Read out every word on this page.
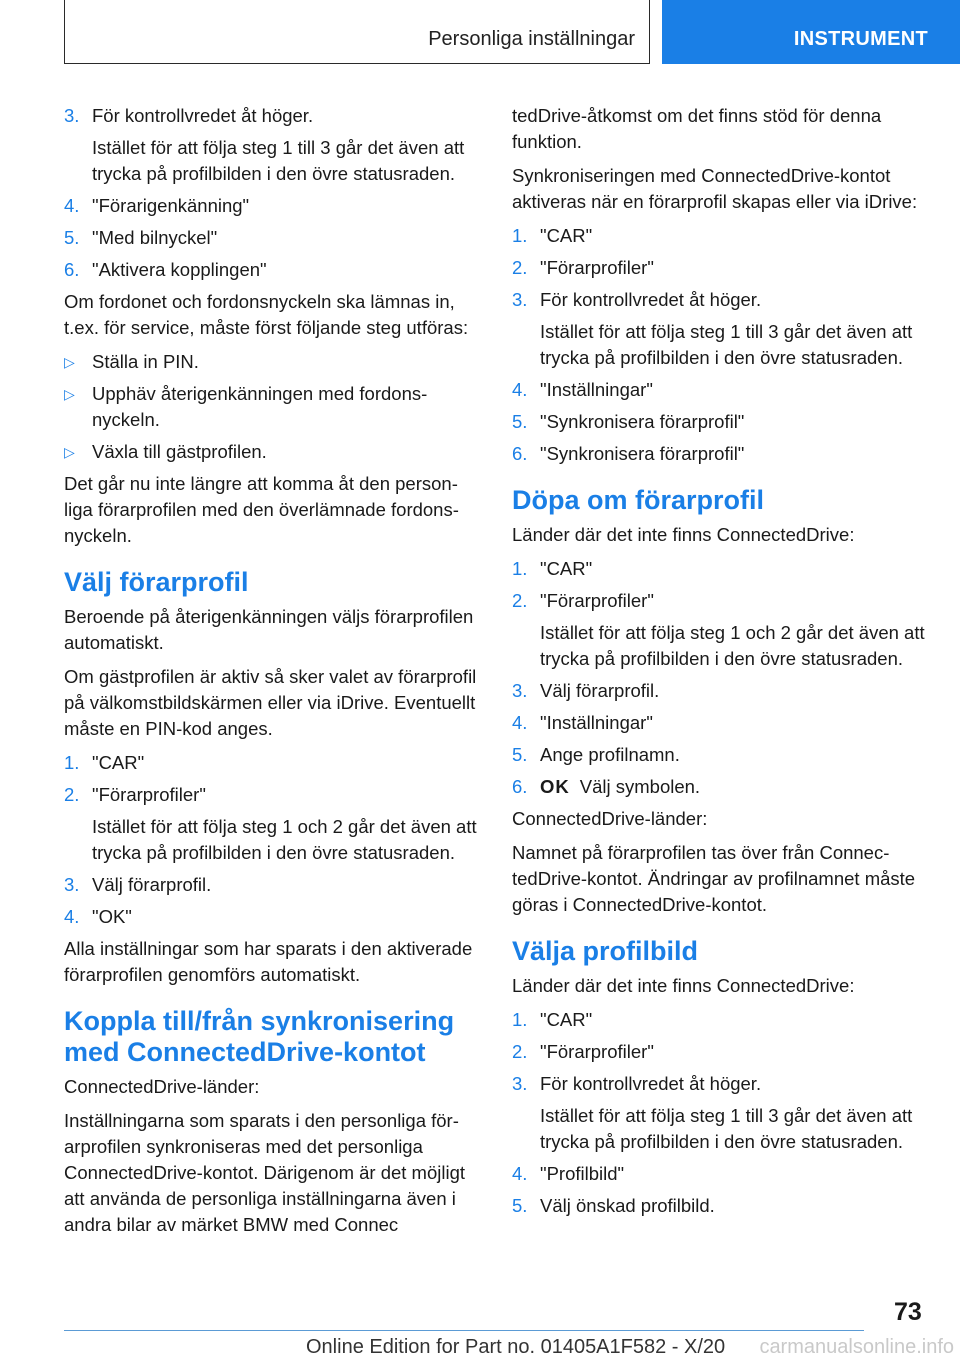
Personliga inställningar	INSTRUMENT
3. För kontrollvredet åt höger.

Istället för att följa steg 1 till 3 går det även att trycka på profilbilden i den övre statusraden.

4. "Förarigenkänning"
5. "Med bilnyckel"
6. "Aktivera kopplingen"

Om fordonet och fordonsnyckeln ska lämnas in, t.ex. för service, måste först följande steg utföras:

▷ Ställa in PIN.
▷ Upphäv återigenkänningen med fordonsnyckeln.
▷ Växla till gästprofilen.

Det går nu inte längre att komma åt den personliga förarprofilen med den överlämnade fordonsnyckeln.

Välj förarprofil

Beroende på återigenkänningen väljs förarprofilen automatiskt.

Om gästprofilen är aktiv så sker valet av förarprofil på välkomstbildskärmen eller via iDrive. Eventuellt måste en PIN-kod anges.

1. "CAR"
2. "Förarprofiler"

Istället för att följa steg 1 och 2 går det även att trycka på profilbilden i den övre statusraden.

3. Välj förarprofil.
4. "OK"

Alla inställningar som har sparats i den aktiverade förarprofilen genomförs automatiskt.

Koppla till/från synkronisering med ConnectedDrive-kontot

ConnectedDrive-länder:

Inställningarna som sparats i den personliga förarprofilen synkroniseras med det personliga ConnectedDrive-kontot. Därigenom är det möjligt att använda de personliga inställningarna även i andra bilar av märket BMW med Connec

tedDrive-åtkomst om det finns stöd för denna funktion.

Synkroniseringen med ConnectedDrive-kontot aktiveras när en förarprofil skapas eller via iDrive:

1. "CAR"
2. "Förarprofiler"
3. För kontrollvredet åt höger.

Istället för att följa steg 1 till 3 går det även att trycka på profilbilden i den övre statusraden.

4. "Inställningar"
5. "Synkronisera förarprofil"
6. "Synkronisera förarprofil"
Döpa om förarprofil

Länder där det inte finns ConnectedDrive:

1. "CAR"
2. "Förarprofiler"

Istället för att följa steg 1 och 2 går det även att trycka på profilbilden i den övre statusraden.

3. Välj förarprofil.
4. "Inställningar"
5. Ange profilnamn.
6. OK Välj symbolen.

ConnectedDrive-länder:

Namnet på förarprofilen tas över från ConnectedDrive-kontot. Ändringar av profilnamnet måste göras i ConnectedDrive-kontot.

Välja profilbild

Länder där det inte finns ConnectedDrive:

1. "CAR"
2. "Förarprofiler"
3. För kontrollvredet åt höger.

Istället för att följa steg 1 till 3 går det även att trycka på profilbilden i den övre statusraden.

4. "Profilbild"
5. Välj önskad profilbild.
73
Online Edition for Part no. 01405A1F582 - X/20 carmanualsonline.info
